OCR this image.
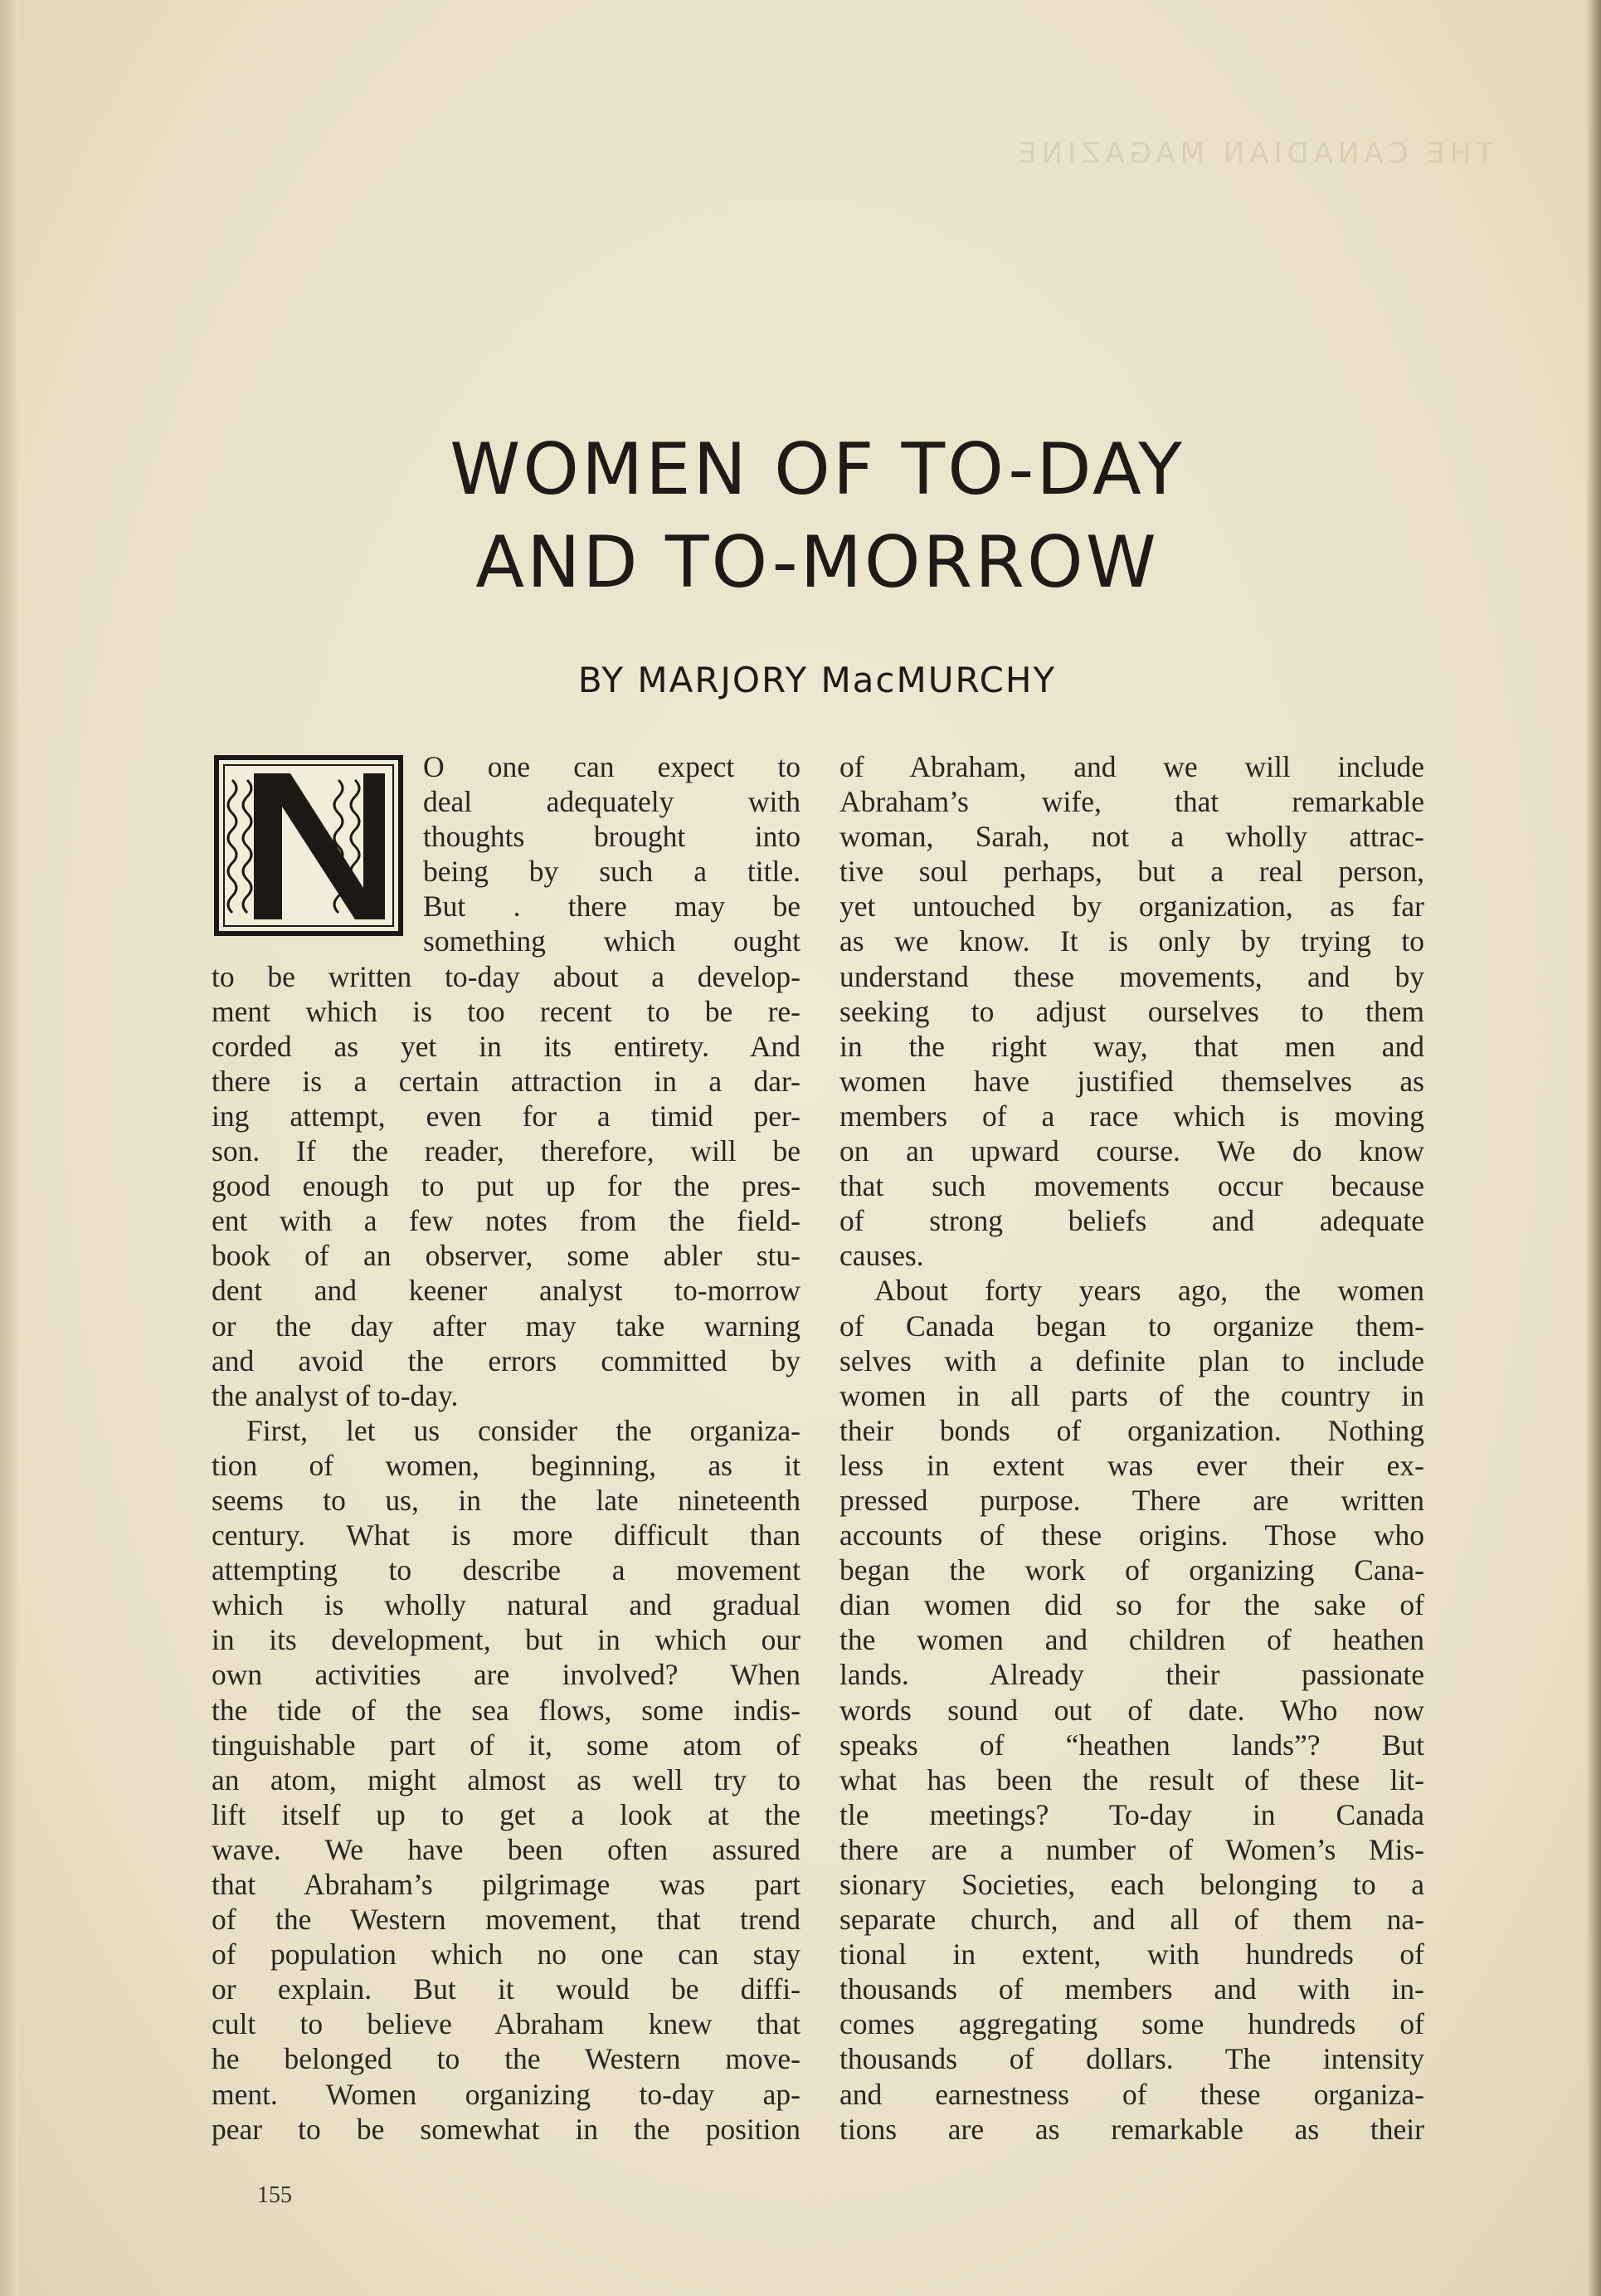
THE CANADIAN MAGAZINE
WOMEN OF TO-DAY
AND TO-MORROW
BY MARJORY MacMURCHY
O one can expect to
deal adequately with
thoughts brought into
being by such a title.
But . there may be
something which ought
to be written to-day about a develop-
ment which is too recent to be re-
corded as yet in its entirety. And
there is a certain attraction in a dar-
ing attempt, even for a timid per-
son. If the reader, therefore, will be
good enough to put up for the pres-
ent with a few notes from the field-
book of an observer, some abler stu-
dent and keener analyst to-morrow
or the day after may take warning
and avoid the errors committed by
the analyst of to-day.
First, let us consider the organiza-
tion of women, beginning, as it
seems to us, in the late nineteenth
century. What is more difficult than
attempting to describe a movement
which is wholly natural and gradual
in its development, but in which our
own activities are involved? When
the tide of the sea flows, some indis-
tinguishable part of it, some atom of
an atom, might almost as well try to
lift itself up to get a look at the
wave. We have been often assured
that Abraham’s pilgrimage was part
of the Western movement, that trend
of population which no one can stay
or explain. But it would be diffi-
cult to believe Abraham knew that
he belonged to the Western move-
ment. Women organizing to-day ap-
pear to be somewhat in the position
of Abraham, and we will include
Abraham’s wife, that remarkable
woman, Sarah, not a wholly attrac-
tive soul perhaps, but a real person,
yet untouched by organization, as far
as we know. It is only by trying to
understand these movements, and by
seeking to adjust ourselves to them
in the right way, that men and
women have justified themselves as
members of a race which is moving
on an upward course. We do know
that such movements occur because
of strong beliefs and adequate
causes.
About forty years ago, the women
of Canada began to organize them-
selves with a definite plan to include
women in all parts of the country in
their bonds of organization. Nothing
less in extent was ever their ex-
pressed purpose. There are written
accounts of these origins. Those who
began the work of organizing Cana-
dian women did so for the sake of
the women and children of heathen
lands. Already their passionate
words sound out of date. Who now
speaks of “heathen lands”? But
what has been the result of these lit-
tle meetings? To-day in Canada
there are a number of Women’s Mis-
sionary Societies, each belonging to a
separate church, and all of them na-
tional in extent, with hundreds of
thousands of members and with in-
comes aggregating some hundreds of
thousands of dollars. The intensity
and earnestness of these organiza-
tions are as remarkable as their
155
